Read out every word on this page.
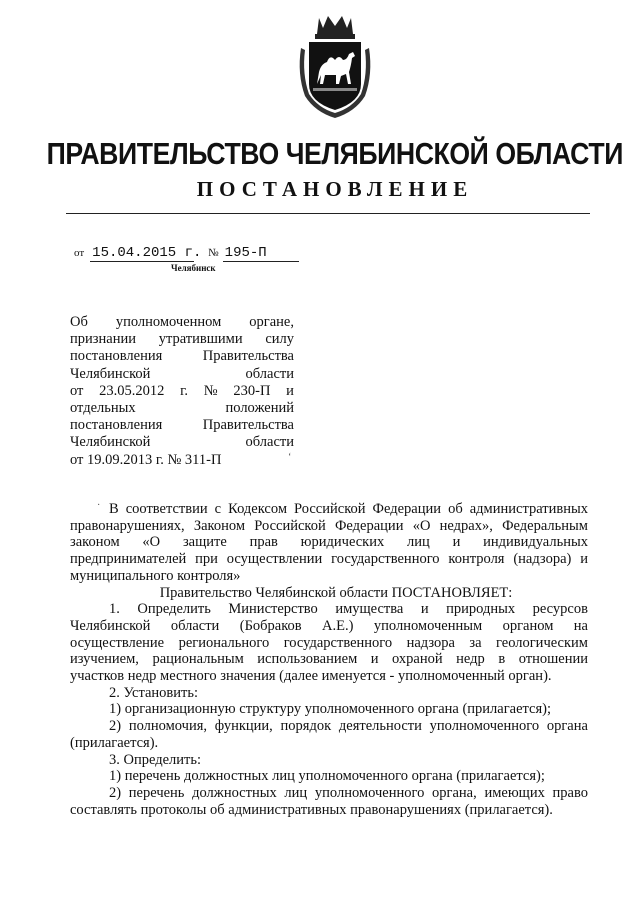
ПРАВИТЕЛЬСТВО ЧЕЛЯБИНСКОЙ ОБЛАСТИ
ПОСТАНОВЛЕНИЕ
от 15.04.2015 г. № 195-П
Челябинск
Об уполномоченном органе,
признании утратившими силу
постановления	Правительства
Челябинской	области
от 23.05.2012 г. № 230-П и
отдельных	положений
постановления	Правительства
Челябинской	области
от 19.09.2013 г. № 311-П	‘
· В соответствии с Кодексом Российской Федерации об административных
правонарушениях, Законом Российской Федерации «О недрах», Федеральным
законом «О защите прав юридических лиц и индивидуальных
предпринимателей при осуществлении государственного контроля (надзора) и
муниципального контроля»
Правительство Челябинской области ПОСТАНОВЛЯЕТ:
1. Определить Министерство имущества и природных ресурсов
Челябинской области (Бобраков А.Е.) уполномоченным органом на
осуществление регионального государственного надзора за геологическим
изучением, рациональным использованием и охраной недр в отношении
участков недр местного значения (далее именуется - уполномоченный орган).
2. Установить:
1) организационную структуру уполномоченного органа (прилагается);
2) полномочия, функции, порядок деятельности уполномоченного органа
(прилагается).
3. Определить:
1) перечень должностных лиц уполномоченного органа (прилагается);
2) перечень должностных лиц уполномоченного органа, имеющих право
составлять протоколы об административных правонарушениях (прилагается).
